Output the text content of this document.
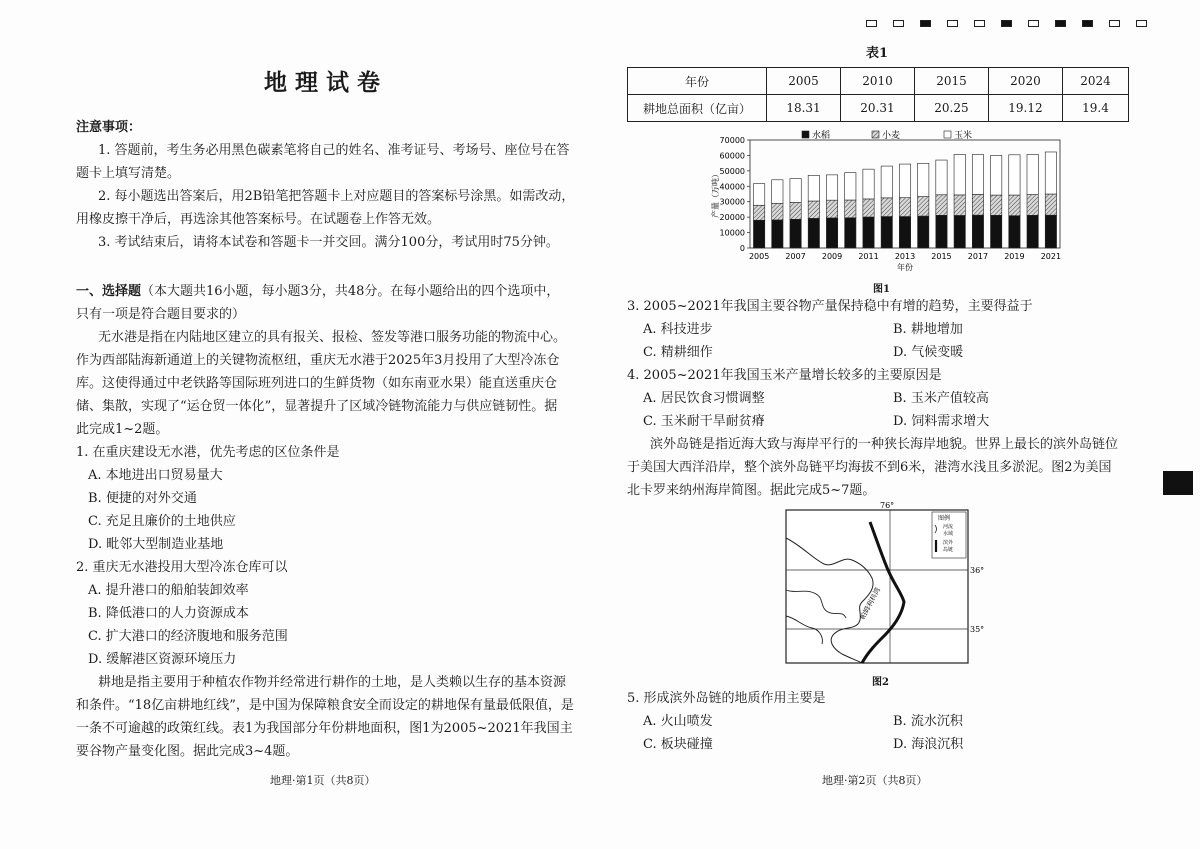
地理试卷
注意事项：
1. 答题前，考生务必用黑色碳素笔将自己的姓名、准考证号、考场号、座位号在答
题卡上填写清楚。
2. 每小题选出答案后，用2B铅笔把答题卡上对应题目的答案标号涂黑。如需改动，
用橡皮擦干净后，再选涂其他答案标号。在试题卷上作答无效。
3. 考试结束后，请将本试卷和答题卡一并交回。满分100分，考试用时75分钟。
一、选择题（本大题共16小题，每小题3分，共48分。在每小题给出的四个选项中，
只有一项是符合题目要求的）
无水港是指在内陆地区建立的具有报关、报检、签发等港口服务功能的物流中心。
作为西部陆海新通道上的关键物流枢纽，重庆无水港于2025年3月投用了大型冷冻仓
库。这使得通过中老铁路等国际班列进口的生鲜货物（如东南亚水果）能直送重庆仓
储、集散，实现了“运仓贸一体化”，显著提升了区域冷链物流能力与供应链韧性。据
此完成1~2题。
1. 在重庆建设无水港，优先考虑的区位条件是
A. 本地进出口贸易量大
B. 便捷的对外交通
C. 充足且廉价的土地供应
D. 毗邻大型制造业基地
2. 重庆无水港投用大型冷冻仓库可以
A. 提升港口的船舶装卸效率
B. 降低港口的人力资源成本
C. 扩大港口的经济腹地和服务范围
D. 缓解港区资源环境压力
耕地是指主要用于种植农作物并经常进行耕作的土地，是人类赖以生存的基本资源
和条件。“18亿亩耕地红线”，是中国为保障粮食安全而设定的耕地保有量最低限值，是
一条不可逾越的政策红线。表1为我国部分年份耕地面积，图1为2005~2021年我国主
要谷物产量变化图。据此完成3~4题。
地理·第1页（共8页）
表1
年份	2005	2010	2015	2020	2024
耕地总面积（亿亩）	18.31	20.31	20.25	19.12	19.4
0
10000
20000
30000
40000
50000
60000
70000
2005 2007 2009 2011 2013 2015 2017 2019 2021
年份
产量（万吨）
水稻	小麦	玉米
图1
3. 2005~2021年我国主要谷物产量保持稳中有增的趋势，主要得益于
A. 科技进步	B. 耕地增加
C. 精耕细作	D. 气候变暖
4. 2005~2021年我国玉米产量增长较多的主要原因是
A. 居民饮食习惯调整	B. 玉米产值较高
C. 玉米耐干旱耐贫瘠	D. 饲料需求增大
滨外岛链是指近海大致与海岸平行的一种狭长海岸地貌。世界上最长的滨外岛链位
于美国大西洋沿岸，整个滨外岛链平均海拔不到6米，港湾水浅且多淤泥。图2为美国
北卡罗来纳州海岸简图。据此完成5~7题。
76°
36°
35°
帕姆利科湾
图例
河流
水域
滨外
岛链
图2
5. 形成滨外岛链的地质作用主要是
A. 火山喷发	B. 流水沉积
C. 板块碰撞	D. 海浪沉积
地理·第2页（共8页）
